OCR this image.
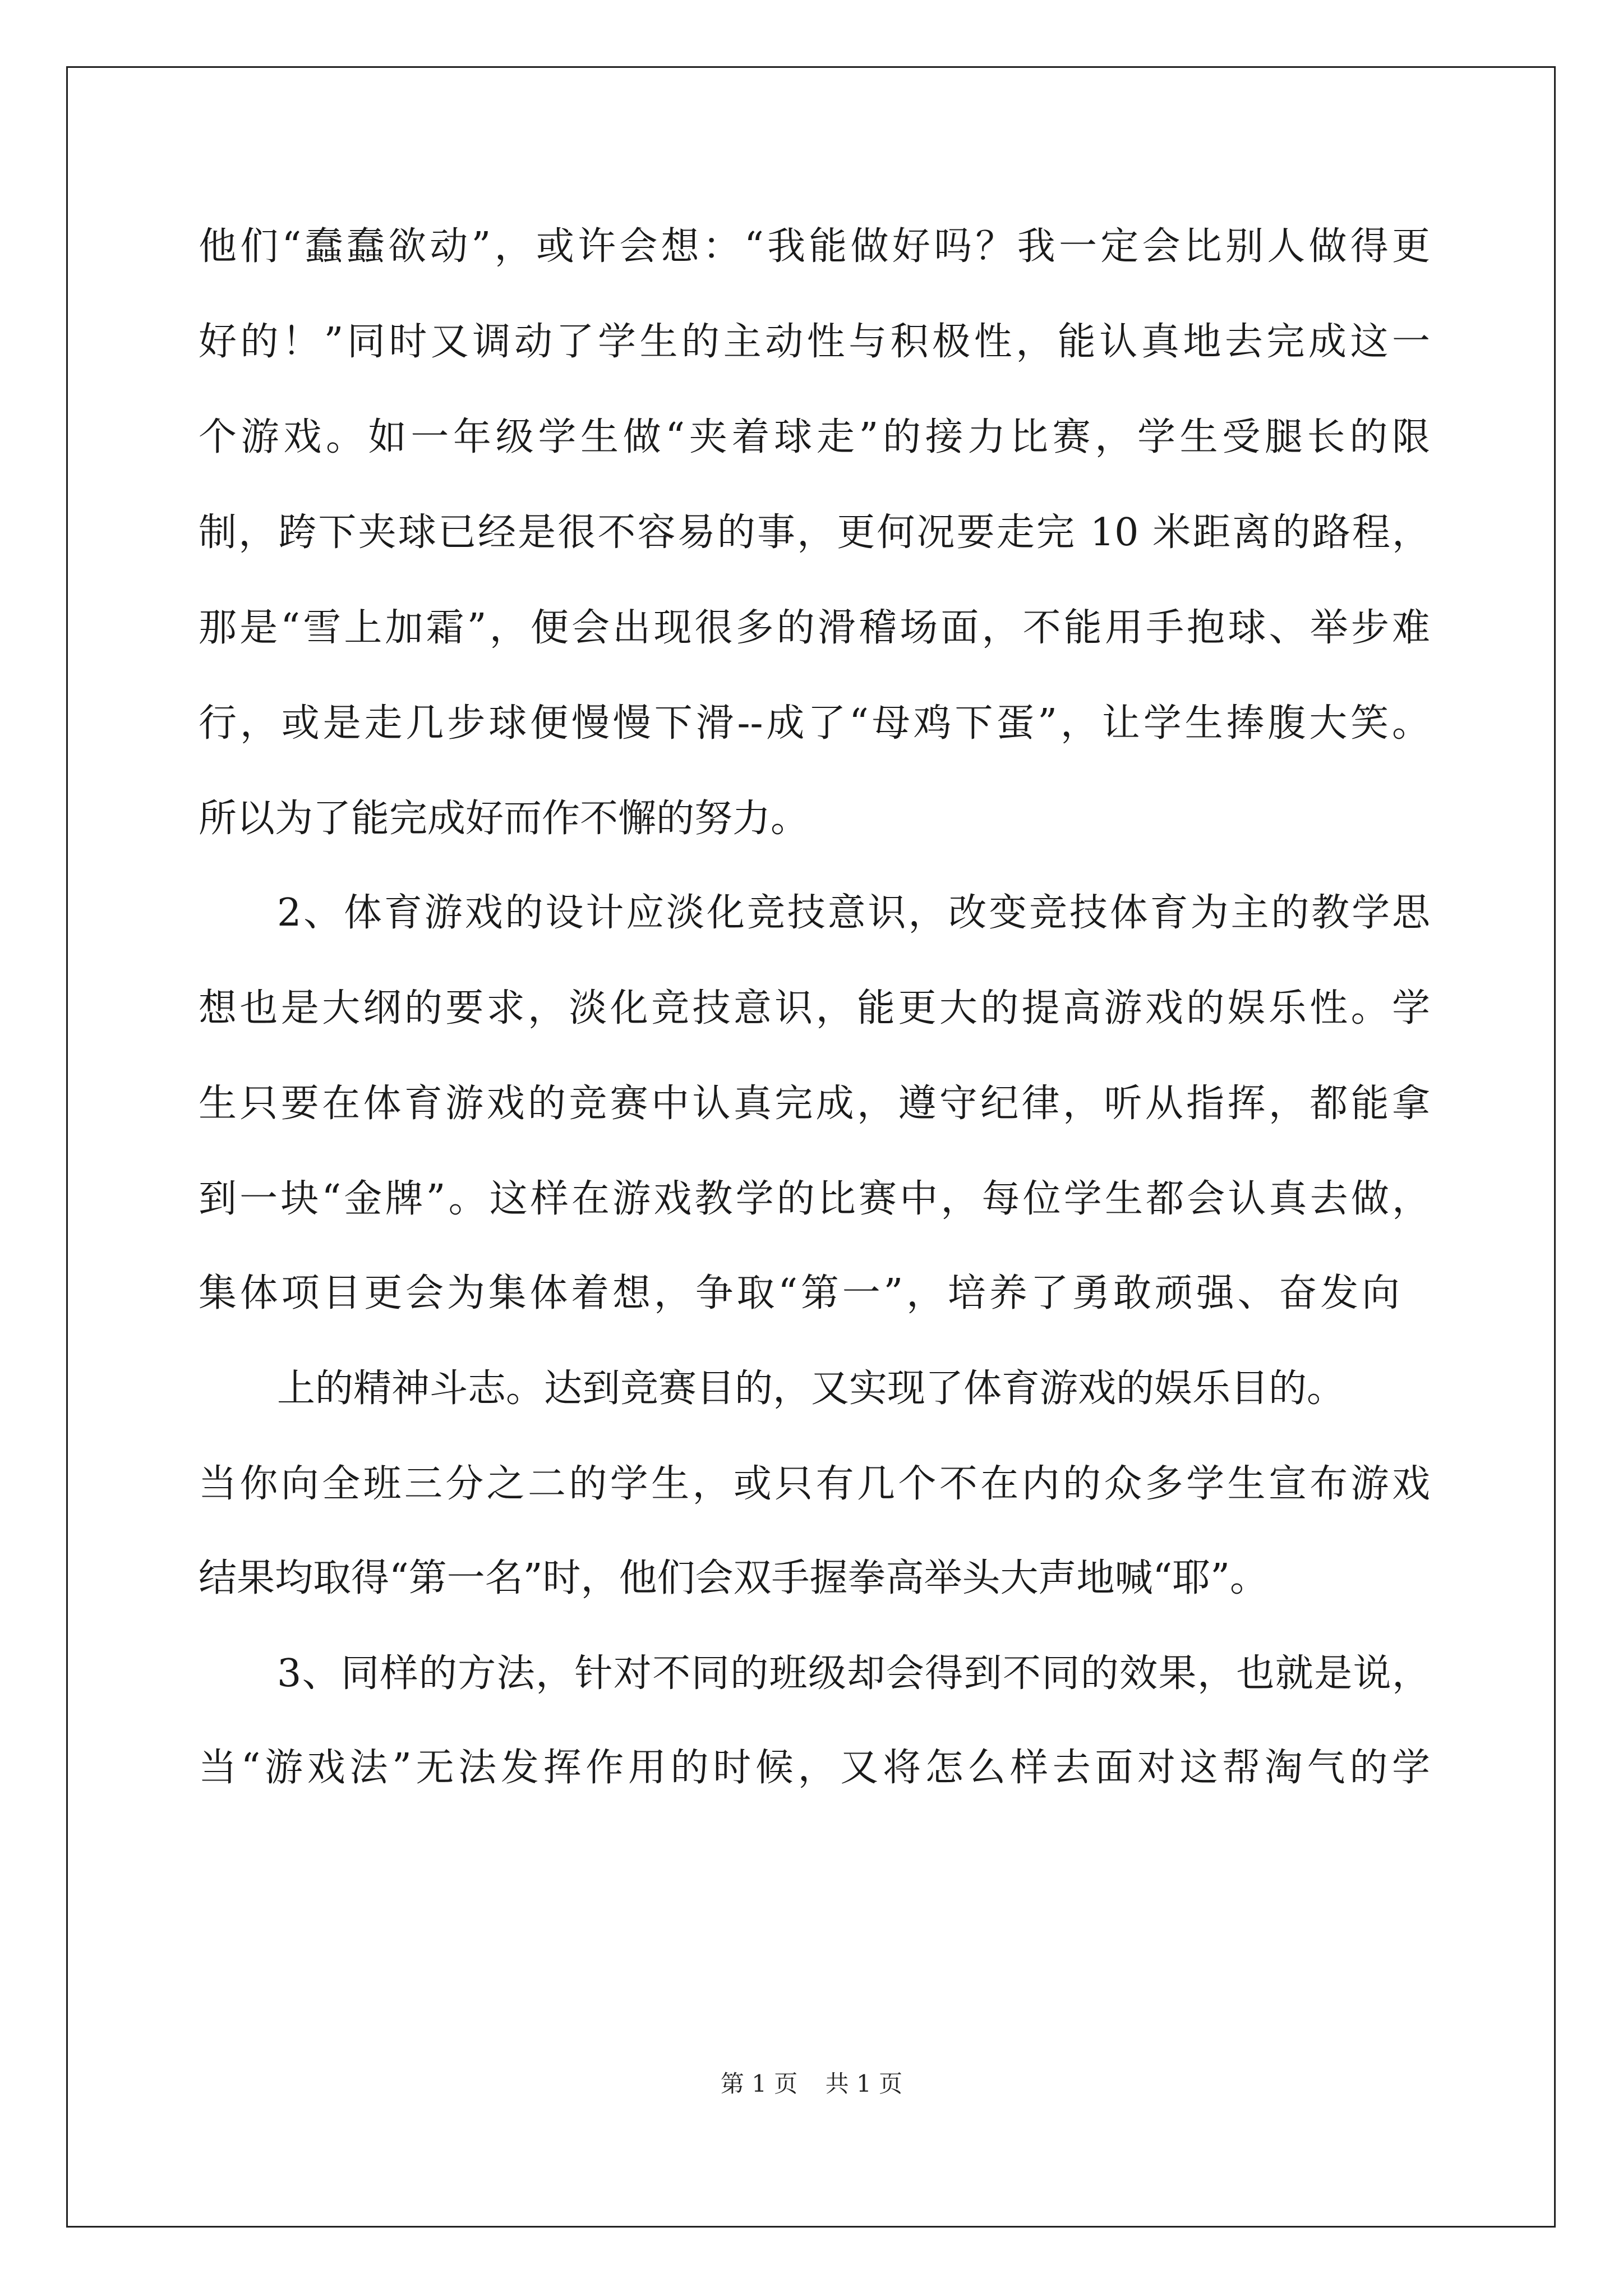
他们“蠢蠢欲动”，或许会想：“我能做好吗？我一定会比别人做得更
好的！”同时又调动了学生的主动性与积极性，能认真地去完成这一
个游戏。如一年级学生做“夹着球走”的接力比赛，学生受腿长的限
制，跨下夹球已经是很不容易的事，更何况要走完 10 米距离的路程，
那是“雪上加霜”，便会出现很多的滑稽场面，不能用手抱球、举步难
行，或是走几步球便慢慢下滑--成了“母鸡下蛋”，让学生捧腹大笑。
所以为了能完成好而作不懈的努力。
2、体育游戏的设计应淡化竞技意识，改变竞技体育为主的教学思
想也是大纲的要求，淡化竞技意识，能更大的提高游戏的娱乐性。学
生只要在体育游戏的竞赛中认真完成，遵守纪律，听从指挥，都能拿
到一块“金牌”。这样在游戏教学的比赛中，每位学生都会认真去做，
集体项目更会为集体着想，争取“第一”，培养了勇敢顽强、奋发向
上的精神斗志。达到竞赛目的，又实现了体育游戏的娱乐目的。
当你向全班三分之二的学生，或只有几个不在内的众多学生宣布游戏
结果均取得“第一名”时，他们会双手握拳高举头大声地喊“耶”。
3、同样的方法，针对不同的班级却会得到不同的效果，也就是说，
当“游戏法”无法发挥作用的时候，又将怎么样去面对这帮淘气的学
第 1 页 共 1 页
